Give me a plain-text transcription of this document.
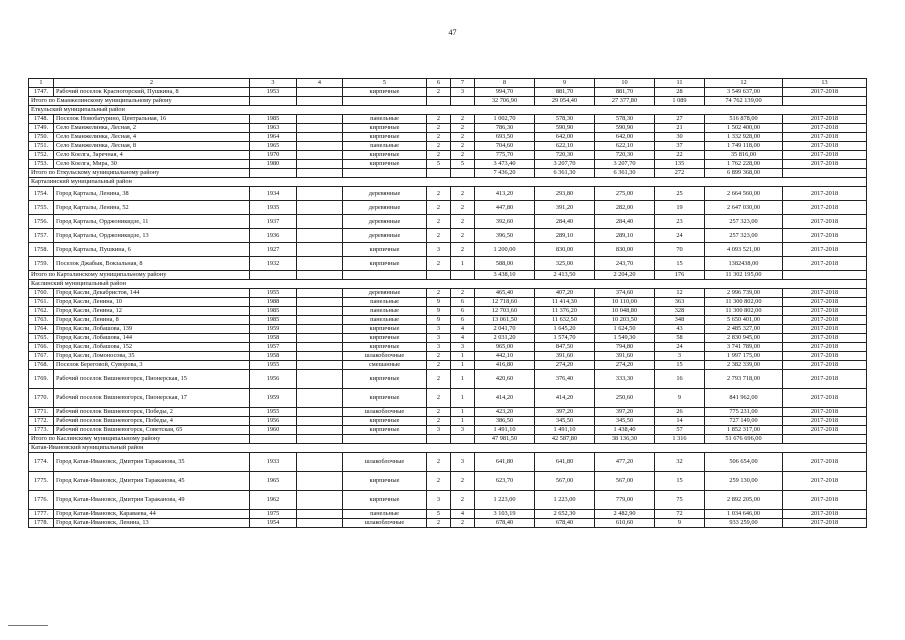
47
1	2	3	4	5	6	7	8	9	10	11	12	13
1747.	Рабочий поселок Красногорский, Пушкина, 8	1953		кирпичные	2	3	994,70	881,70	881,70	28	3 549 637,00	2017-2018
Итого по Еманжелинскому муниципальному району							32 706,90	29 054,40	27 377,80	1 089	74 762 139,00	
Еткульский муниципальный район												
1748.	Поселок Новобатурино, Центральная, 16	1985		панельные	2	2	1 002,70	578,30	578,30	27	516 878,00	2017-2018
1749.	Село Еманжелинка, Лесная, 2	1963		кирпичные	2	2	786,30	590,90	590,90	21	1 502 400,00	2017-2018
1750.	Село Еманжелинка, Лесная, 4	1964		кирпичные	2	2	693,50	642,00	642,00	30	1 332 928,00	2017-2018
1751.	Село Еманжелинка, Лесная, 8	1965		панельные	2	2	704,60	622,10	622,10	37	1 749 118,00	2017-2018
1752.	Село Коелга, Заречная, 4	1970		кирпичные	2	2	775,70	720,30	720,30	22	35 816,00	2017-2018
1753.	Село Коелга, Мира, 30	1980		кирпичные	5	5	3 473,40	3 207,70	3 207,70	135	1 762 228,00	2017-2018
Итого по Еткульскому муниципальному району							7 436,20	6 361,30	6 361,30	272	6 899 368,00	
Карталинский муниципальный район												
1754.	Город Карталы, Ленина, 38	1934		деревянные	2	2	413,20	293,80	275,00	25	2 664 560,00	2017-2018
1755.	Город Карталы, Ленина, 52	1935		деревянные	2	2	447,80	391,20	282,00	19	2 647 030,00	2017-2018
1756.	Город Карталы, Орджоникидзе, 11	1937		деревянные	2	2	392,60	284,40	284,40	23	257 323,00	2017-2018
1757.	Город Карталы, Орджоникидзе, 13	1936		деревянные	2	2	396,50	289,10	289,10	24	257 323,00	2017-2018
1758.	Город Карталы, Пушкина, 6	1927		кирпичные	3	2	1 200,00	830,00	830,00	70	4 093 521,00	2017-2018
1759.	Поселок Джабык, Вокзальная, 8	1932		кирпичные	2	1	588,00	325,00	243,70	15	1382438,00	2017-2018
Итого по Карталинскому муниципальному району							3 438,10	2 413,50	2 204,20	176	11 302 195,00	
Каслинский муниципальный район												
1760.	Город Касли, Декабристов, 144	1955		деревянные	2	2	465,40	407,20	374,60	12	2 996 739,00	2017-2018
1761.	Город Касли, Ленина, 10	1988		панельные	9	6	12 718,60	11 414,30	10 110,00	363	11 300 802,00	2017-2018
1762.	Город Касли, Ленина, 12	1985		панельные	9	6	12 703,60	11 376,20	10 048,80	328	11 300 802,00	2017-2018
1763.	Город Касли, Ленина, 8	1985		панельные	9	6	13 061,50	11 632,50	10 203,50	348	5 650 401,00	2017-2018
1764.	Город Касли, Лобашова, 139	1959		кирпичные	3	4	2 041,70	1 645,20	1 624,50	43	2 485 327,00	2017-2018
1765.	Город Касли, Лобашова, 144	1958		кирпичные	3	4	2 031,20	1 574,70	1 549,30	58	2 830 945,00	2017-2018
1766.	Город Касли, Лобашова, 152	1957		кирпичные	3	3	965,00	847,50	794,80	24	3 741 789,00	2017-2018
1767.	Город Касли, Ломоносова, 35	1958		шлакоблочные	2	1	442,10	391,60	391,60	3	1 997 175,00	2017-2018
1768.	Поселок Береговой, Суворова, 3	1955		смешанные	2	1	416,80	274,20	274,20	15	2 382 339,00	2017-2018
1769.	Рабочий поселок Вишневогорск, Пионерская, 15	1956		кирпичные	2	1	420,60	376,40	333,30	16	2 793 718,00	2017-2018
1770.	Рабочий поселок Вишневогорск, Пионерская, 17	1959		кирпичные	2	1	414,20	414,20	250,60	9	841 962,00	2017-2018
1771.	Рабочий поселок Вишневогорск, Победы, 2	1955		шлакоблочные	2	1	423,20	397,20	397,20	26	775 231,00	2017-2018
1772.	Рабочий поселок Вишневогорск, Победы, 4	1956		кирпичные	2	1	386,50	345,50	345,50	14	727 149,00	2017-2018
1773.	Рабочий поселок Вишневогорск, Советская, 65	1960		кирпичные	3	3	1 491,10	1 491,10	1 438,40	57	1 852 317,00	2017-2018
Итого по Каслинскому муниципальному району							47 981,50	42 587,80	38 136,30	1 316	51 676 696,00	
Катав-Ивановский муниципальный район												
1774.	Город Катав-Ивановск, Дмитрия Тараканова, 35	1933		шлакоблочные	2	3	641,80	641,80	477,20	32	506 654,00	2017-2018
1775.	Город Катав-Ивановск, Дмитрия Тараканова, 45	1965		кирпичные	2	2	623,70	567,00	567,00	15	259 130,00	2017-2018
1776.	Город Катав-Ивановск, Дмитрия Тараканова, 49	1962		кирпичные	3	2	1 223,00	1 223,00	779,00	75	2 892 205,00	2017-2018
1777.	Город Катав-Ивановск, Караваева, 44	1975		панельные	5	4	3 103,19	2 652,30	2 482,90	72	1 034 646,00	2017-2018
1778.	Город Катав-Ивановск, Ленина, 13	1954		шлакоблочные	2	2	678,40	678,40	610,60	9	933 259,00	2017-2018
